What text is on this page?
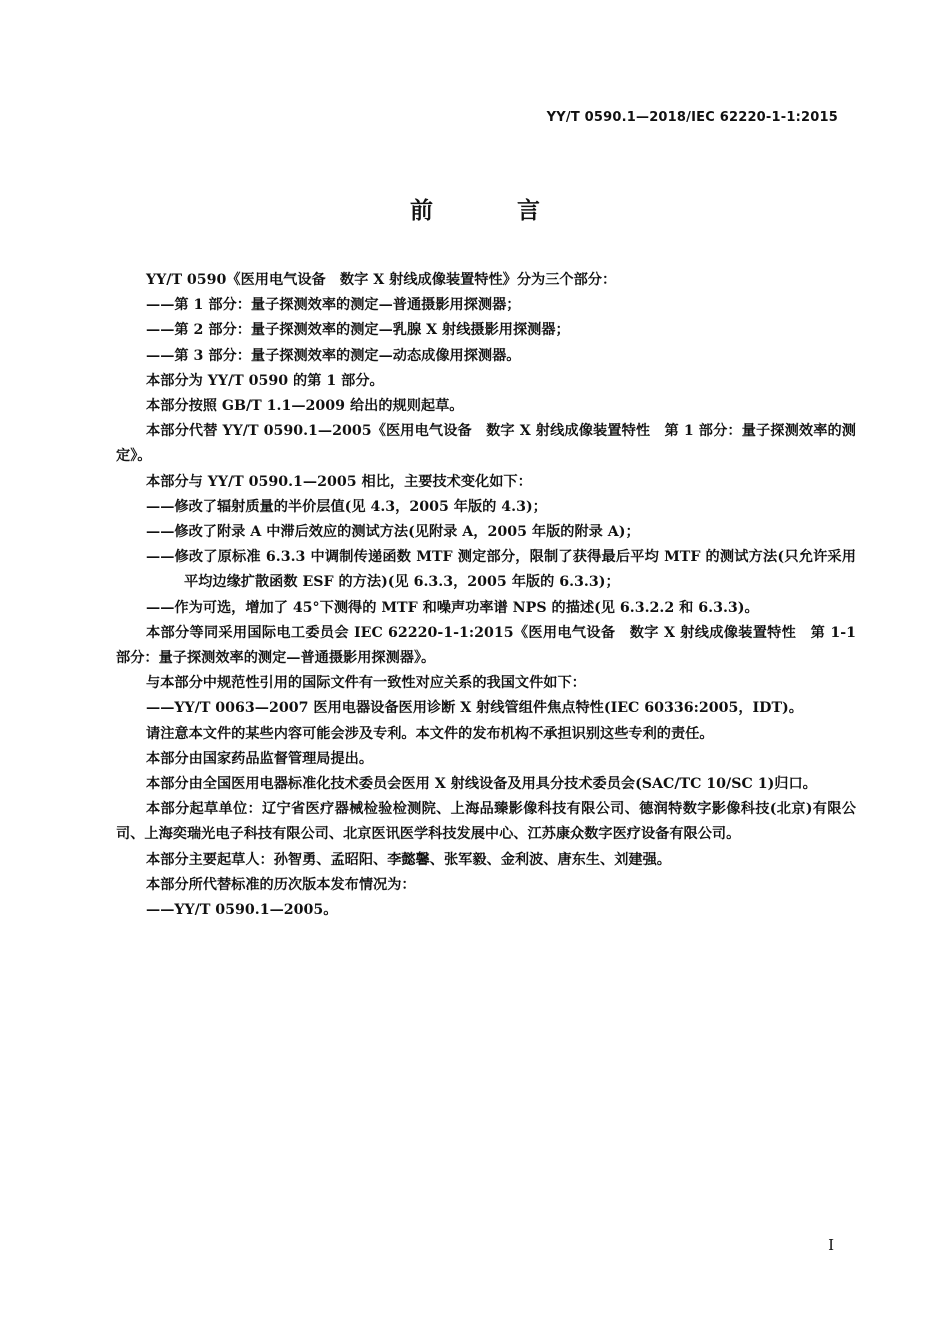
YY/T 0590.1—2018/IEC 62220-1-1:2015
前 言

YY/T 0590《医用电气设备　数字 X 射线成像装置特性》分为三个部分：

——第 1 部分：量子探测效率的测定—普通摄影用探测器；

——第 2 部分：量子探测效率的测定—乳腺 X 射线摄影用探测器；

——第 3 部分：量子探测效率的测定—动态成像用探测器。

本部分为 YY/T 0590 的第 1 部分。

本部分按照 GB/T 1.1—2009 给出的规则起草。

本部分代替 YY/T 0590.1—2005《医用电气设备　数字 X 射线成像装置特性　第 1 部分：量子探测效率的测定》。

本部分与 YY/T 0590.1—2005 相比，主要技术变化如下：

——修改了辐射质量的半价层值(见 4.3，2005 年版的 4.3)；

——修改了附录 A 中滞后效应的测试方法(见附录 A，2005 年版的附录 A)；

——修改了原标准 6.3.3 中调制传递函数 MTF 测定部分，限制了获得最后平均 MTF 的测试方法(只允许采用平均边缘扩散函数 ESF 的方法)(见 6.3.3，2005 年版的 6.3.3)；

——作为可选，增加了 45°下测得的 MTF 和噪声功率谱 NPS 的描述(见 6.3.2.2 和 6.3.3)。

本部分等同采用国际电工委员会 IEC 62220-1-1:2015《医用电气设备　数字 X 射线成像装置特性　第 1-1 部分：量子探测效率的测定—普通摄影用探测器》。

与本部分中规范性引用的国际文件有一致性对应关系的我国文件如下：

——YY/T 0063—2007 医用电器设备医用诊断 X 射线管组件焦点特性(IEC 60336:2005，IDT)。

请注意本文件的某些内容可能会涉及专利。本文件的发布机构不承担识别这些专利的责任。

本部分由国家药品监督管理局提出。

本部分由全国医用电器标准化技术委员会医用 X 射线设备及用具分技术委员会(SAC/TC 10/SC 1)归口。

本部分起草单位：辽宁省医疗器械检验检测院、上海品臻影像科技有限公司、德润特数字影像科技(北京)有限公司、上海奕瑞光电子科技有限公司、北京医讯医学科技发展中心、江苏康众数字医疗设备有限公司。

本部分主要起草人：孙智勇、孟昭阳、李懿馨、张军毅、金利波、唐东生、刘建强。

本部分所代替标准的历次版本发布情况为：

——YY/T 0590.1—2005。

I
